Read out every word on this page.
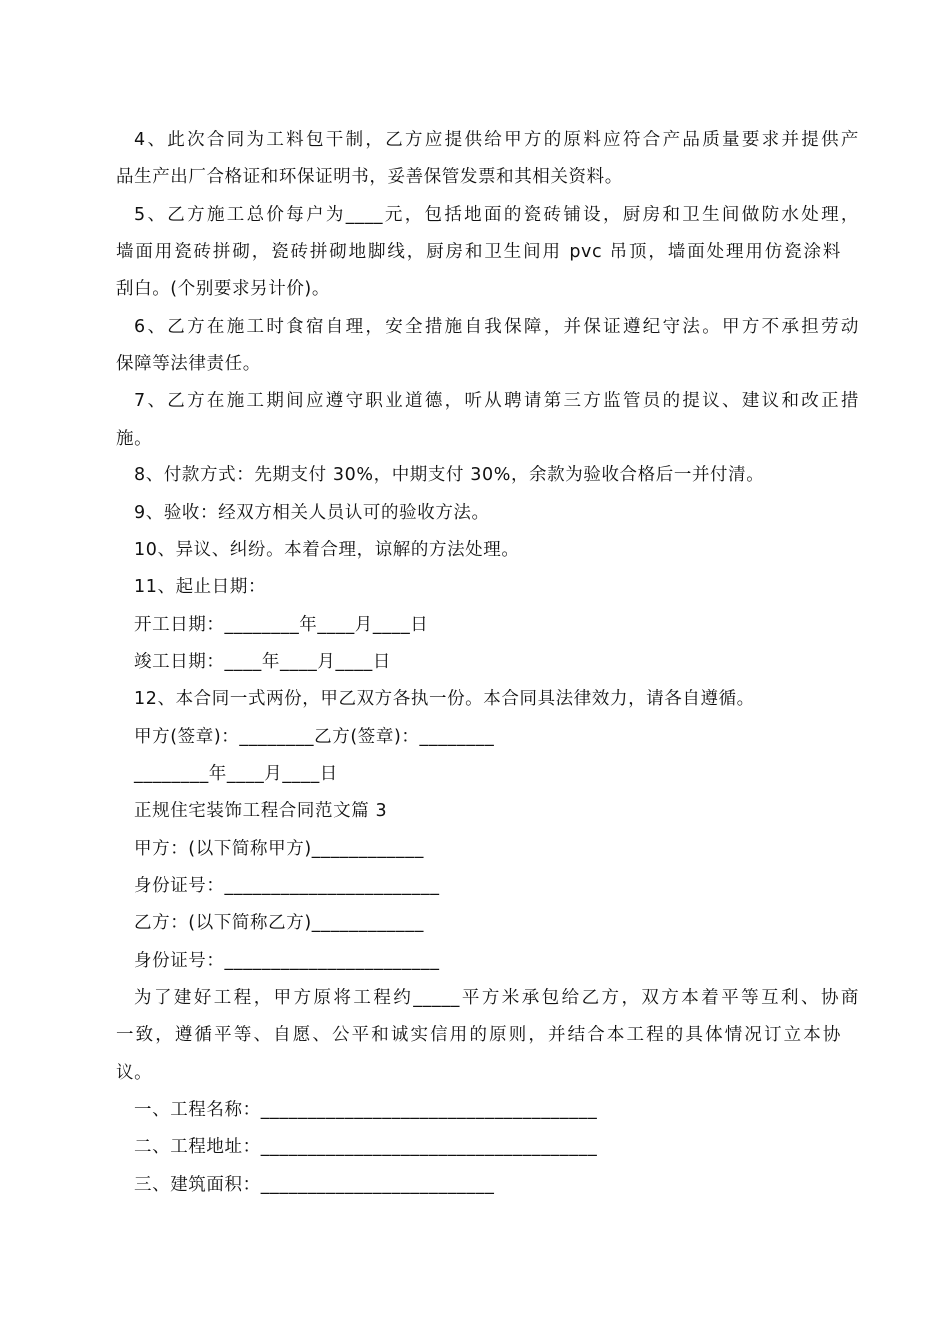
4、此次合同为工料包干制，乙方应提供给甲方的原料应符合产品质量要求并提供产
品生产出厂合格证和环保证明书，妥善保管发票和其相关资料。
5、乙方施工总价每户为____元，包括地面的瓷砖铺设，厨房和卫生间做防水处理，
墙面用瓷砖拼砌，瓷砖拼砌地脚线，厨房和卫生间用 pvc 吊顶，墙面处理用仿瓷涂料
刮白。(个别要求另计价)。
6、乙方在施工时食宿自理，安全措施自我保障，并保证遵纪守法。甲方不承担劳动
保障等法律责任。
7、乙方在施工期间应遵守职业道德，听从聘请第三方监管员的提议、建议和改正措
施。
8、付款方式：先期支付 30%，中期支付 30%，余款为验收合格后一并付清。
9、验收：经双方相关人员认可的验收方法。
10、异议、纠纷。本着合理，谅解的方法处理。
11、起止日期：
开工日期：________年____月____日
竣工日期：____年____月____日
12、本合同一式两份，甲乙双方各执一份。本合同具法律效力，请各自遵循。
甲方(签章)：________乙方(签章)：________
________年____月____日
正规住宅装饰工程合同范文篇 3
甲方：(以下简称甲方)____________
身份证号：_______________________
乙方：(以下简称乙方)____________
身份证号：_______________________
为了建好工程，甲方原将工程约_____平方米承包给乙方，双方本着平等互利、协商
一致，遵循平等、自愿、公平和诚实信用的原则，并结合本工程的具体情况订立本协
议。
一、工程名称：____________________________________
二、工程地址：____________________________________
三、建筑面积：_________________________
